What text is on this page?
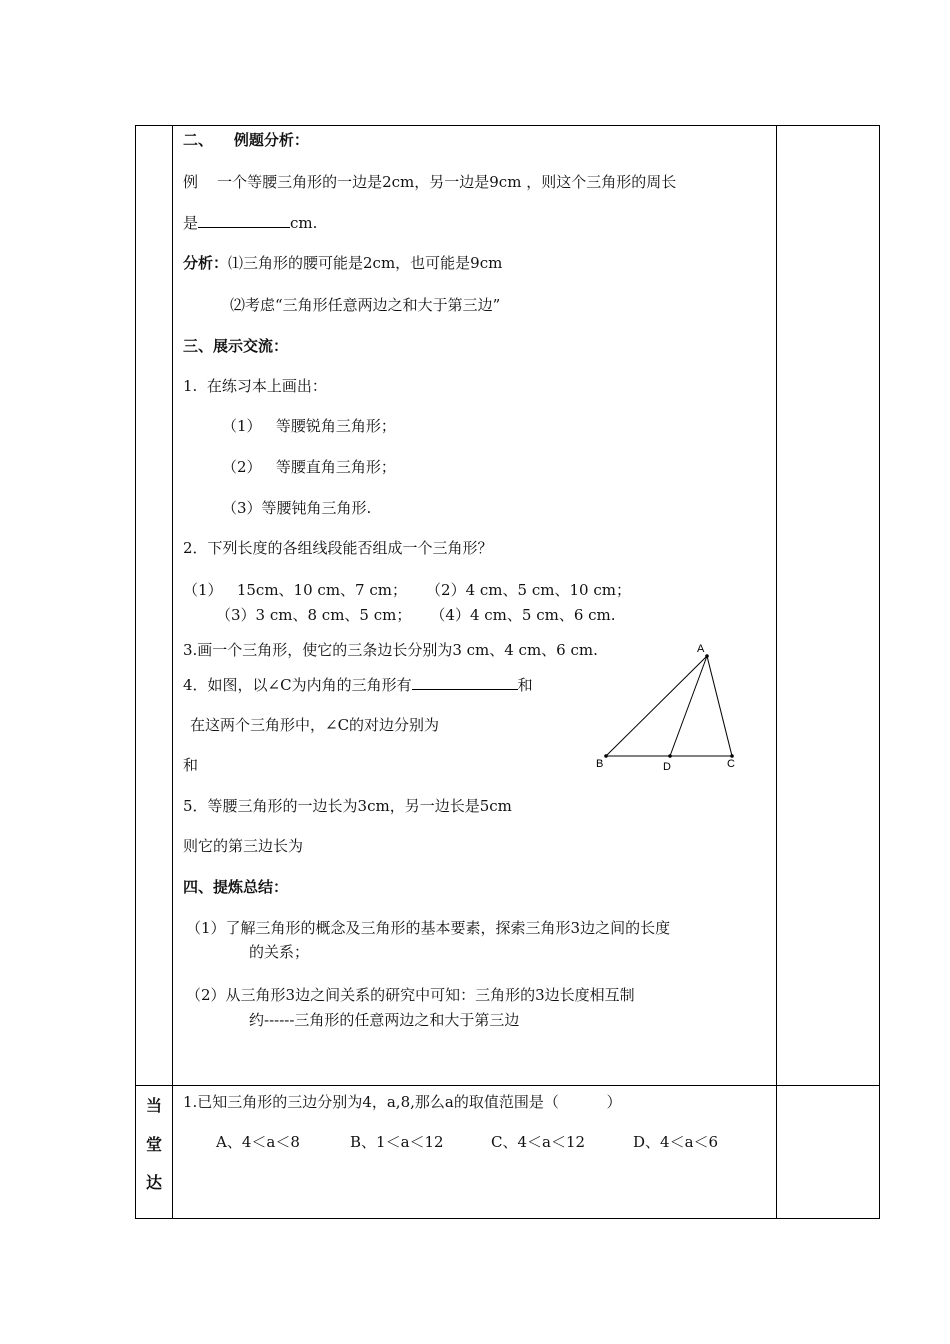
二、    例题分析：
例 一个等腰三角形的一边是2cm，另一边是9cm ，则这个三角形的周长
是	cm.
分析：⑴三角形的腰可能是2cm，也可能是9cm
⑵考虑“三角形任意两边之和大于第三边”
三、展示交流：
1.  在练习本上画出：
（1）   等腰锐角三角形；
（2）   等腰直角三角形；
（3）等腰钝角三角形.
2．下列长度的各组线段能否组成一个三角形？
（1）   15cm、10 cm、7 cm；    （2）4 cm、5 cm、10 cm；
（3）3 cm、8 cm、5 cm；    （4）4 cm、5 cm、6 cm.
3.画一个三角形，使它的三条边长分别为3 cm、4 cm、6 cm.
4．如图，以∠C为内角的三角形有	和
在这两个三角形中，∠C的对边分别为
和
5．等腰三角形的一边长为3cm，另一边长是5cm
则它的第三边长为
A
B	C
D
四、提炼总结：
（1）了解三角形的概念及三角形的基本要素，探索三角形3边之间的长度
的关系；
（2）从三角形3边之间关系的研究中可知：三角形的3边长度相互制
约------三角形的任意两边之和大于第三边
当
堂
达
1.已知三角形的三边分别为4，a,8,那么a的取值范围是（          ）
A、4＜a＜8	B、1＜a＜12	C、4＜a＜12	D、4＜a＜6
